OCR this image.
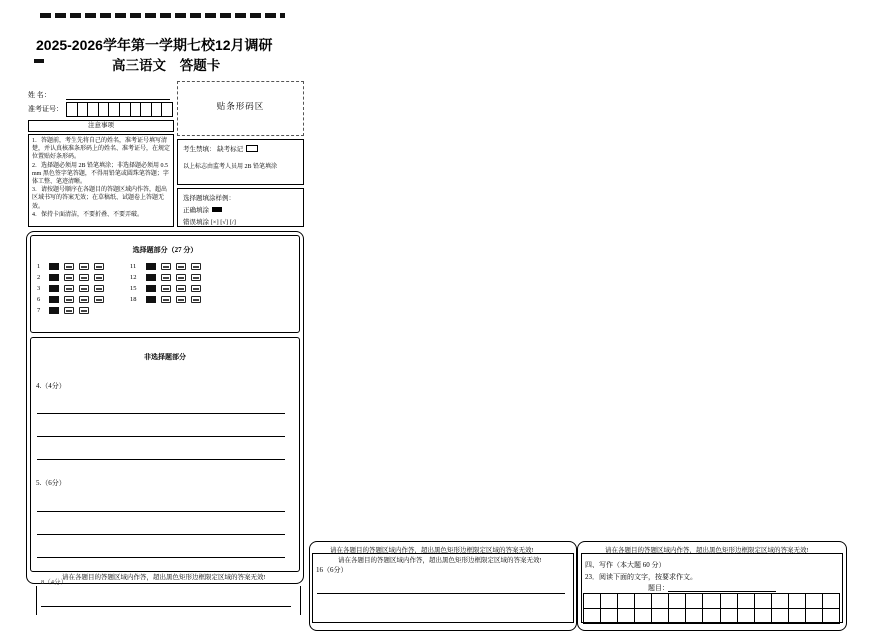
2025-2026学年第一学期七校12月调研
高三语文 答题卡
姓 名：
准考证号：	贴条形码区
注意事项
1．答题前，考生先将自己的姓名，准考证号填写清楚，并认真核准条形码上的姓名、准考证号，在规定位置贴好条形码。
2．选择题必须用 2B 铅笔填涂；非选择题必须用 0.5 mm 黑色签字笔答题，不得用铅笔或圆珠笔答题；字体工整、笔迹清晰。
3．请按题号顺序在各题目的答题区域内作答，超出区域书写的答案无效；在草稿纸、试题卷上答题无效。
4．保持卡面清洁，不要折叠、不要弄破。
考生禁填： 缺考标记
以上标志由监考人员用 2B 铅笔填涂
选择题填涂样例：
正确填涂
错误填涂 [×] [√] [/]
选择题部分（27 分）
1
2
3
6
7
11
12
15
18
非选择题部分
4.（4分）
5.（6分）
8（4分）
请在各题目的答题区域内作答，超出黑色矩形边框限定区域的答案无效!
请在各题目的答题区域内作答，超出黑色矩形边框限定区域的答案无效!
请在各题目的答题区域内作答，超出黑色矩形边框限定区域的答案无效!
16（6分）
请在各题目的答题区域内作答，超出黑色矩形边框限定区域的答案无效!
四、写作（本大题 60 分）
23．阅读下面的文字，按要求作文。
题目：
